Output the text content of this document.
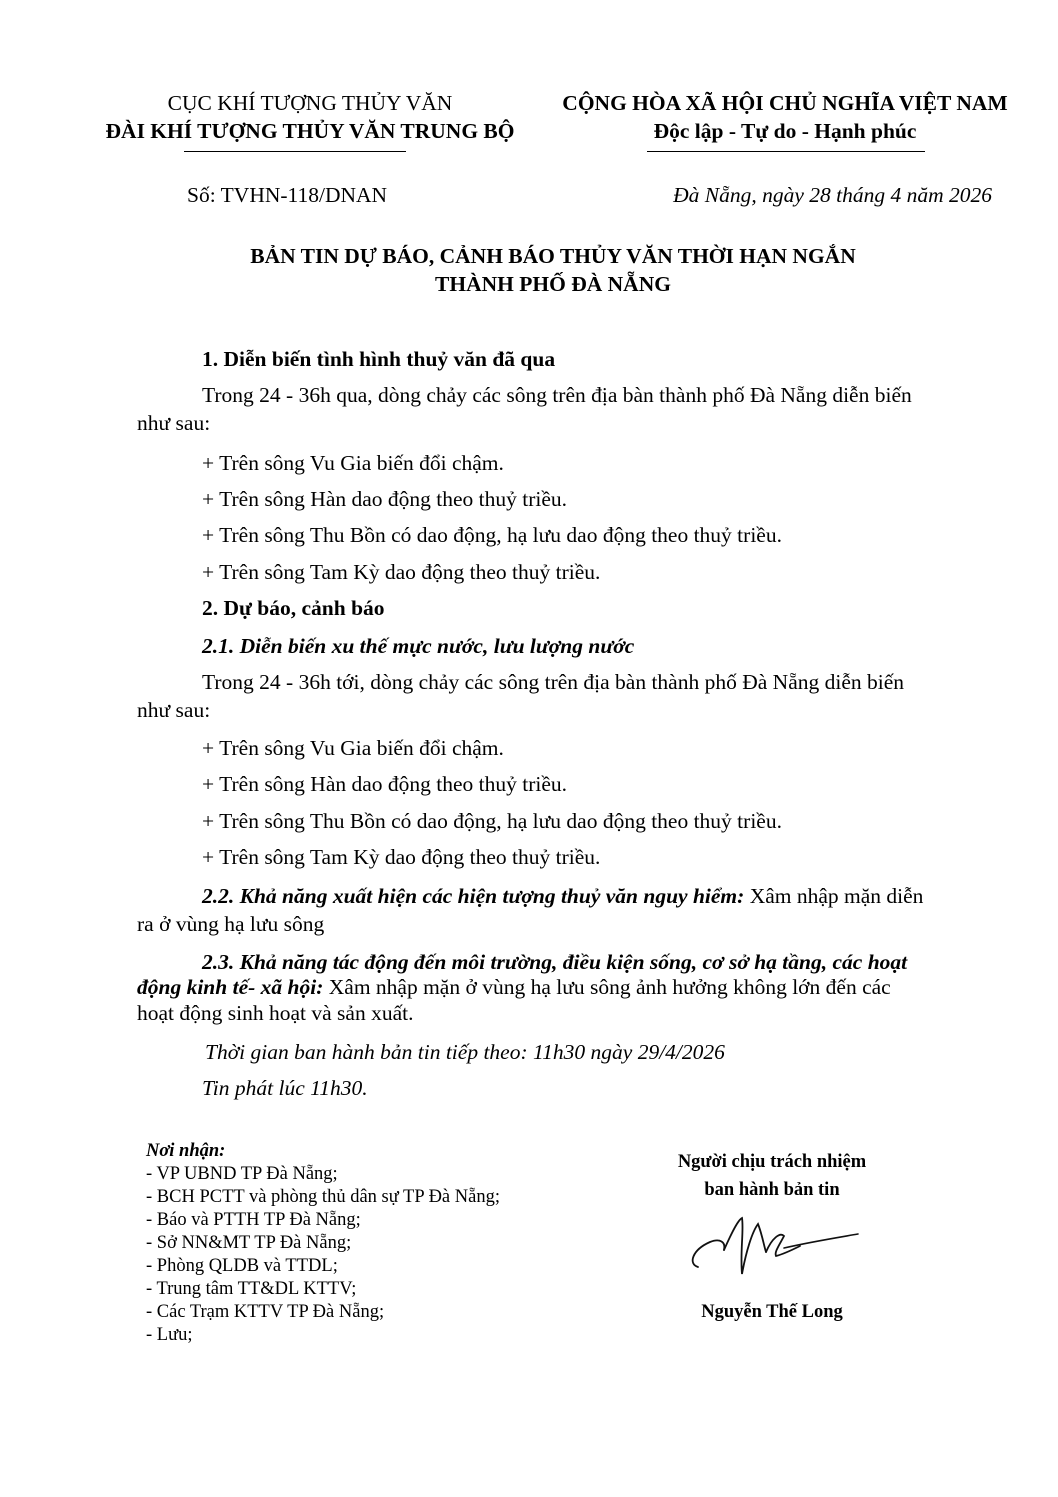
CỤC KHÍ TƯỢNG THỦY VĂN
ĐÀI KHÍ TƯỢNG THỦY VĂN TRUNG BỘ
CỘNG HÒA XÃ HỘI CHỦ NGHĨA VIỆT NAM
Độc lập - Tự do - Hạnh phúc
Số: TVHN-118/DNAN	Đà Nẵng, ngày 28 tháng 4 năm 2026
BẢN TIN DỰ BÁO, CẢNH BÁO THỦY VĂN THỜI HẠN NGẮN
THÀNH PHỐ ĐÀ NẴNG
1. Diễn biến tình hình thuỷ văn đã qua
Trong 24 - 36h qua, dòng chảy các sông trên địa bàn thành phố Đà Nẵng diễn biến
như sau:
+ Trên sông Vu Gia biến đổi chậm.
+ Trên sông Hàn dao động theo thuỷ triều.
+ Trên sông Thu Bồn có dao động, hạ lưu dao động theo thuỷ triều.
+ Trên sông Tam Kỳ dao động theo thuỷ triều.
2. Dự báo, cảnh báo
2.1. Diễn biến xu thế mực nước, lưu lượng nước
Trong 24 - 36h tới, dòng chảy các sông trên địa bàn thành phố Đà Nẵng diễn biến
như sau:
+ Trên sông Vu Gia biến đổi chậm.
+ Trên sông Hàn dao động theo thuỷ triều.
+ Trên sông Thu Bồn có dao động, hạ lưu dao động theo thuỷ triều.
+ Trên sông Tam Kỳ dao động theo thuỷ triều.
2.2. Khả năng xuất hiện các hiện tượng thuỷ văn nguy hiểm: Xâm nhập mặn diễn
ra ở vùng hạ lưu sông
2.3. Khả năng tác động đến môi trường, điều kiện sống, cơ sở hạ tầng, các hoạt
động kinh tế- xã hội: Xâm nhập mặn ở vùng hạ lưu sông ảnh hưởng không lớn đến các
hoạt động sinh hoạt và sản xuất.
Thời gian ban hành bản tin tiếp theo: 11h30 ngày 29/4/2026
Tin phát lúc 11h30.
Nơi nhận:
- VP UBND TP Đà Nẵng;
- BCH PCTT và phòng thủ dân sự TP Đà Nẵng;
- Báo và PTTH TP Đà Nẵng;
- Sở NN&MT TP Đà Nẵng;
- Phòng QLDB và TTDL;
- Trung tâm TT&DL KTTV;
- Các Trạm KTTV TP Đà Nẵng;
- Lưu;
Người chịu trách nhiệm
ban hành bản tin
Nguyễn Thế Long
